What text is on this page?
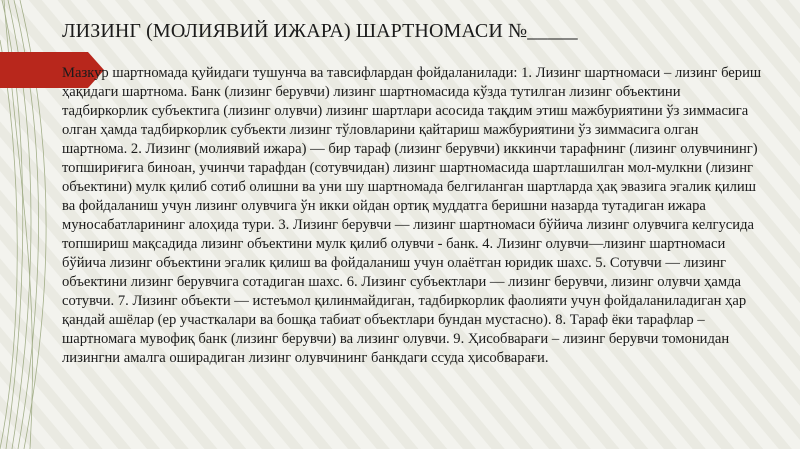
ЛИЗИНГ (МОЛИЯВИЙ ИЖАРА) ШАРТНОМАСИ №_____
Мазкур шартномада қуйидаги тушунча ва тавсифлардан фойдаланилади: 1. Лизинг шартномаси – лизинг бериш ҳақидаги шартнома. Банк (лизинг берувчи) лизинг шартномасида кўзда тутилган лизинг объектини тадбиркорлик субъектига (лизинг олувчи) лизинг шартлари асосида тақдим этиш мажбуриятини ўз зиммасига олган ҳамда тадбиркорлик субъекти лизинг тўловларини қайтариш мажбуриятини ўз зиммасига олган шартнома. 2. Лизинг (молиявий ижара) — бир тараф (лизинг берувчи) иккинчи тарафнинг (лизинг олувчининг) топшириғига биноан, учинчи тарафдан (сотувчидан) лизинг шартномасида шартлашилган мол-мулкни (лизинг объектини) мулк қилиб сотиб олишни ва уни шу шартномада белгиланган шартларда ҳақ эвазига эгалик қилиш ва фойдаланиш учун лизинг олувчига ўн икки ойдан ортиқ муддатга беришни назарда тутадиган ижара муносабатларининг алоҳида тури. 3. Лизинг берувчи — лизинг шартномаси бўйича лизинг олувчига келгусида топшириш мақсадида лизинг объектини мулк қилиб олувчи - банк. 4. Лизинг олувчи—лизинг шартномаси бўйича лизинг объектини эгалик қилиш ва фойдаланиш учун олаётган юридик шахс. 5. Сотувчи — лизинг объектини лизинг берувчига сотадиган шахс. 6. Лизинг субъектлари — лизинг берувчи, лизинг олувчи ҳамда сотувчи. 7. Лизинг объекти — истеъмол қилинмайдиган, тадбиркорлик фаолияти учун фойдаланиладиган ҳар қандай ашёлар (ер участкалари ва бошқа табиат объектлари бундан мустасно). 8. Тараф ёки тарафлар – шартномага мувофиқ банк (лизинг берувчи) ва лизинг олувчи. 9. Ҳисобварағи – лизинг берувчи томонидан лизингни амалга оширадиган лизинг олувчининг банкдаги ссуда ҳисобварағи.
